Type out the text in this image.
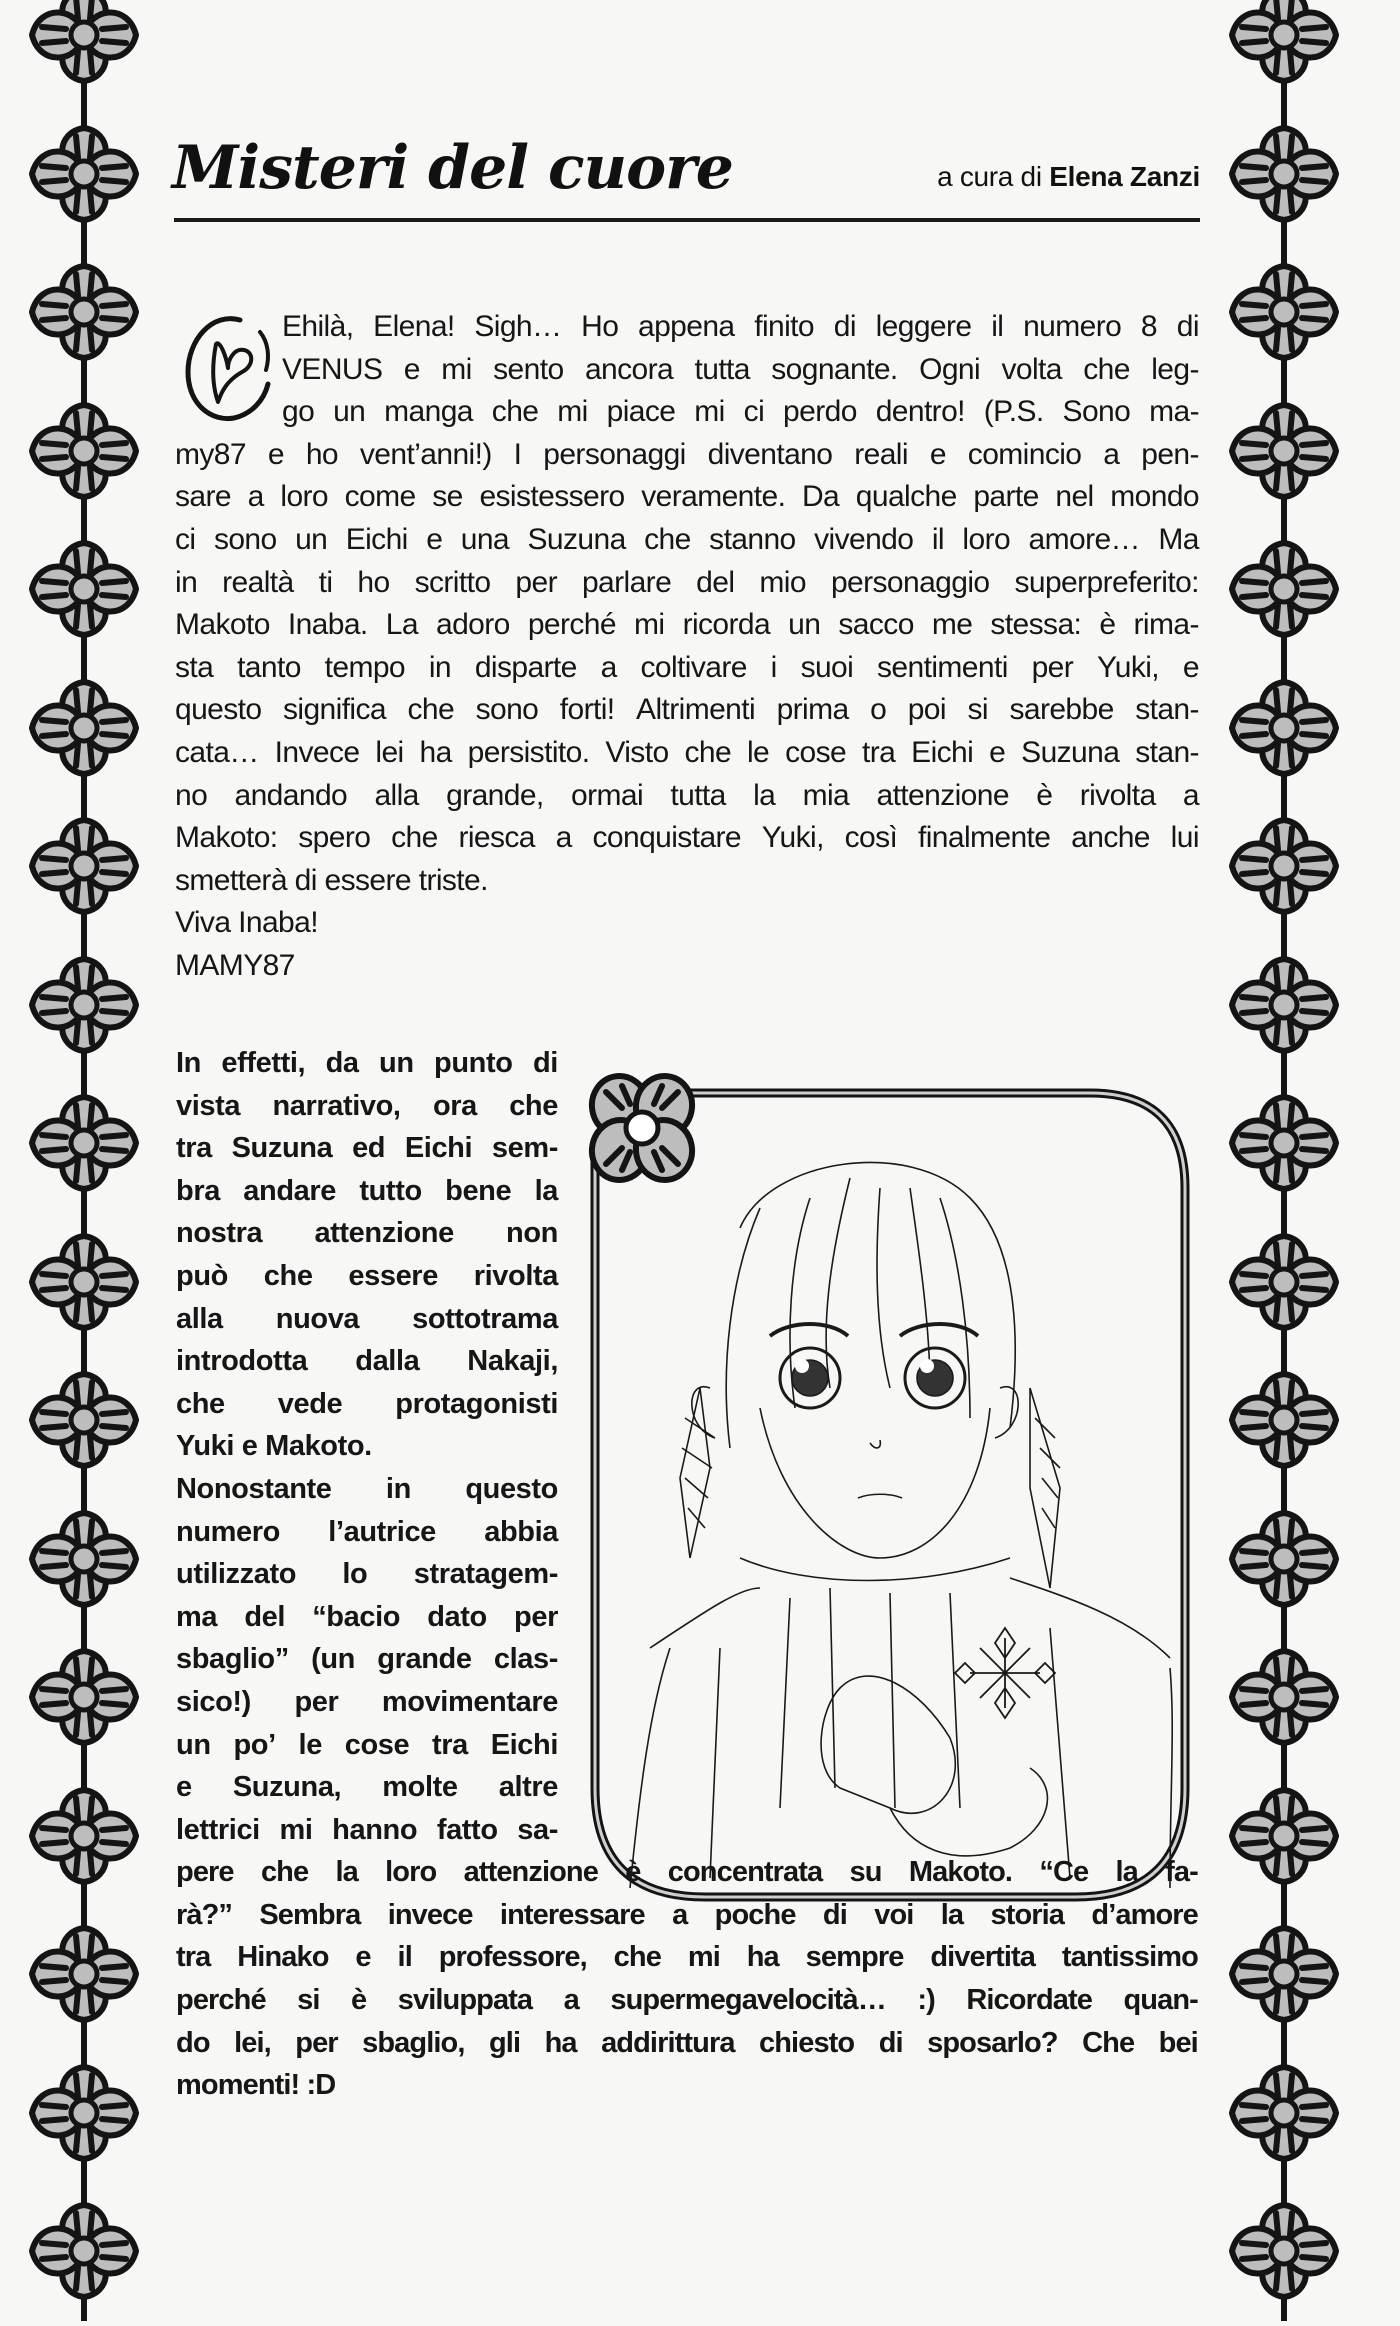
Misteri del cuore	a cura di Elena Zanzi
Ehilà, Elena! Sigh… Ho appena finito di leggere il numero 8 di
VENUS e mi sento ancora tutta sognante. Ogni volta che leg-
go un manga che mi piace mi ci perdo dentro! (P.S. Sono ma-
my87 e ho vent’anni!) I personaggi diventano reali e comincio a pen-
sare a loro come se esistessero veramente. Da qualche parte nel mondo
ci sono un Eichi e una Suzuna che stanno vivendo il loro amore… Ma
in realtà ti ho scritto per parlare del mio personaggio superpreferito:
Makoto Inaba. La adoro perché mi ricorda un sacco me stessa: è rima-
sta tanto tempo in disparte a coltivare i suoi sentimenti per Yuki, e
questo significa che sono forti! Altrimenti prima o poi si sarebbe stan-
cata… Invece lei ha persistito. Visto che le cose tra Eichi e Suzuna stan-
no andando alla grande, ormai tutta la mia attenzione è rivolta a
Makoto: spero che riesca a conquistare Yuki, così finalmente anche lui
smetterà di essere triste.
Viva Inaba!
MAMY87
In effetti, da un punto di
vista narrativo, ora che
tra Suzuna ed Eichi sem-
bra andare tutto bene la
nostra attenzione non
può che essere rivolta
alla nuova sottotrama
introdotta dalla Nakaji,
che vede protagonisti
Yuki e Makoto.
Nonostante in questo
numero l’autrice abbia
utilizzato lo stratagem-
ma del “bacio dato per
sbaglio” (un grande clas-
sico!) per movimentare
un po’ le cose tra Eichi
e Suzuna, molte altre
lettrici mi hanno fatto sa-
pere che la loro attenzione è concentrata su Makoto. “Ce la fa-
rà?” Sembra invece interessare a poche di voi la storia d’amore
tra Hinako e il professore, che mi ha sempre divertita tantissimo
perché si è sviluppata a supermegavelocità… :) Ricordate quan-
do lei, per sbaglio, gli ha addirittura chiesto di sposarlo? Che bei
momenti! :D
